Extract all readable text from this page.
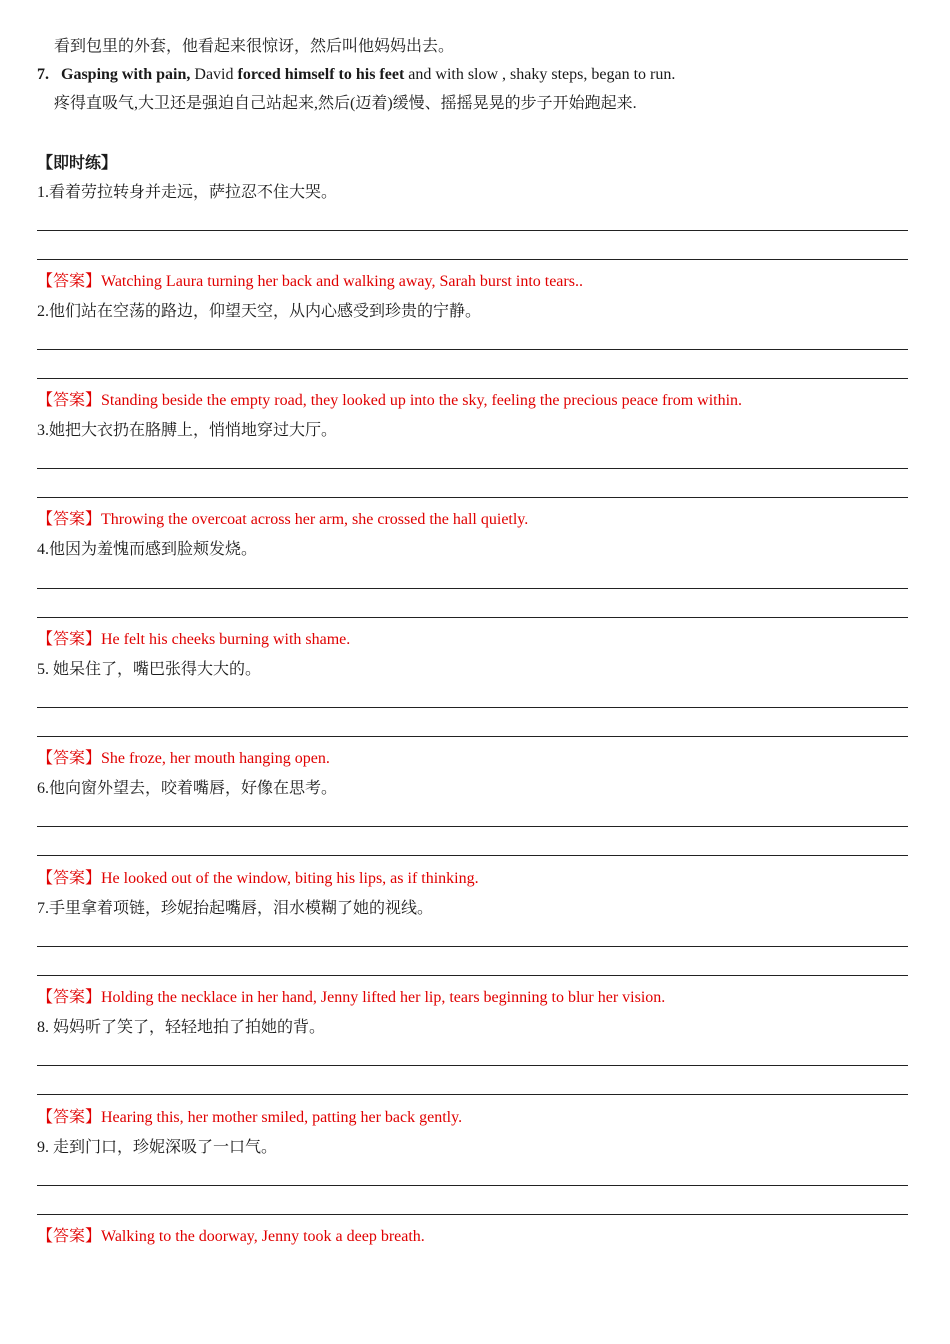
看到包里的外套，他看起来很惊讶，然后叫他妈妈出去。
7. Gasping with pain, David forced himself to his feet and with slow , shaky steps, began to run.
疼得直吸气,大卫还是强迫自己站起来,然后(迈着)缓慢、摇摇晃晃的步子开始跑起来.
【即时练】
1.看着劳拉转身并走远，萨拉忍不住大哭。
【答案】Watching Laura turning her back and walking away, Sarah burst into tears..
2.他们站在空荡的路边，仰望天空，从内心感受到珍贵的宁静。
【答案】Standing beside the empty road, they looked up into the sky, feeling the precious peace from within.
3.她把大衣扔在胳膊上，悄悄地穿过大厅。
【答案】Throwing the overcoat across her arm, she crossed the hall quietly.
4.他因为羞愧而感到脸颊发烧。
【答案】He felt his cheeks burning with shame.
5. 她呆住了，嘴巴张得大大的。
【答案】She froze, her mouth hanging open.
6.他向窗外望去，咬着嘴唇，好像在思考。
【答案】He looked out of the window, biting his lips, as if thinking.
7.手里拿着项链，珍妮抬起嘴唇，泪水模糊了她的视线。
【答案】Holding the necklace in her hand, Jenny lifted her lip, tears beginning to blur her vision.
8. 妈妈听了笑了，轻轻地拍了拍她的背。
【答案】Hearing this, her mother smiled, patting her back gently.
9. 走到门口，珍妮深吸了一口气。
【答案】Walking to the doorway, Jenny took a deep breath.
